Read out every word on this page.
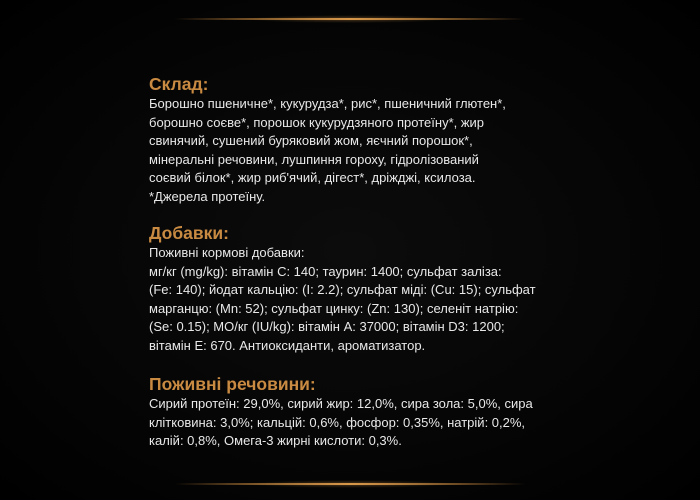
Склад:

Борошно пшеничне*, кукурудза*, рис*, пшеничний глютен*,
борошно соєве*, порошок кукурудзяного протеїну*, жир
свинячий, сушений буряковий жом, яєчний порошок*,
мінеральні речовини, лушпиння гороху, гідролізований
соєвий білок*, жир риб'ячий, дігест*, дріжджі, ксилоза.
*Джерела протеїну.

Добавки:

Поживні кормові добавки:
мг/кг (mg/kg): вітамін C: 140; таурин: 1400; сульфат заліза:
(Fe: 140); йодат кальцію: (I: 2.2); сульфат міді: (Cu: 15); сульфат
марганцю: (Mn: 52); сульфат цинку: (Zn: 130); селеніт натрію:
(Se: 0.15); МО/кг (IU/kg): вітамін A: 37000; вітамін D3: 1200;
вітамін E: 670. Антиоксиданти, ароматизатор.

Поживні речовини:

Сирий протеїн: 29,0%, сирий жир: 12,0%, сира зола: 5,0%, сира
клітковина: 3,0%; кальцій: 0,6%, фосфор: 0,35%, натрій: 0,2%,
калій: 0,8%, Омега-3 жирні кислоти: 0,3%.
